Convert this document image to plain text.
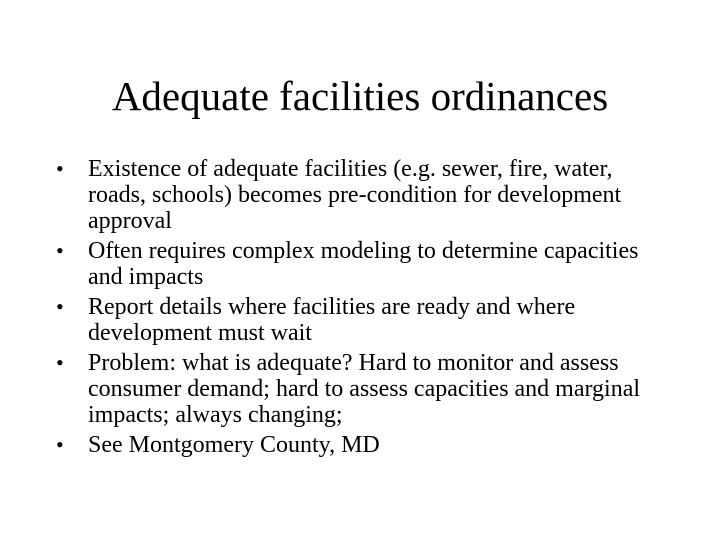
Adequate facilities ordinances
•	Existence of adequate facilities (e.g. sewer, fire, water, roads, schools) becomes pre-condition for development approval
•	Often requires complex modeling to determine capacities and impacts
•	Report details where facilities are ready and where development must wait
•	Problem: what is adequate? Hard to monitor and assess consumer demand; hard to assess capacities and marginal impacts; always changing;
•	See Montgomery County, MD
